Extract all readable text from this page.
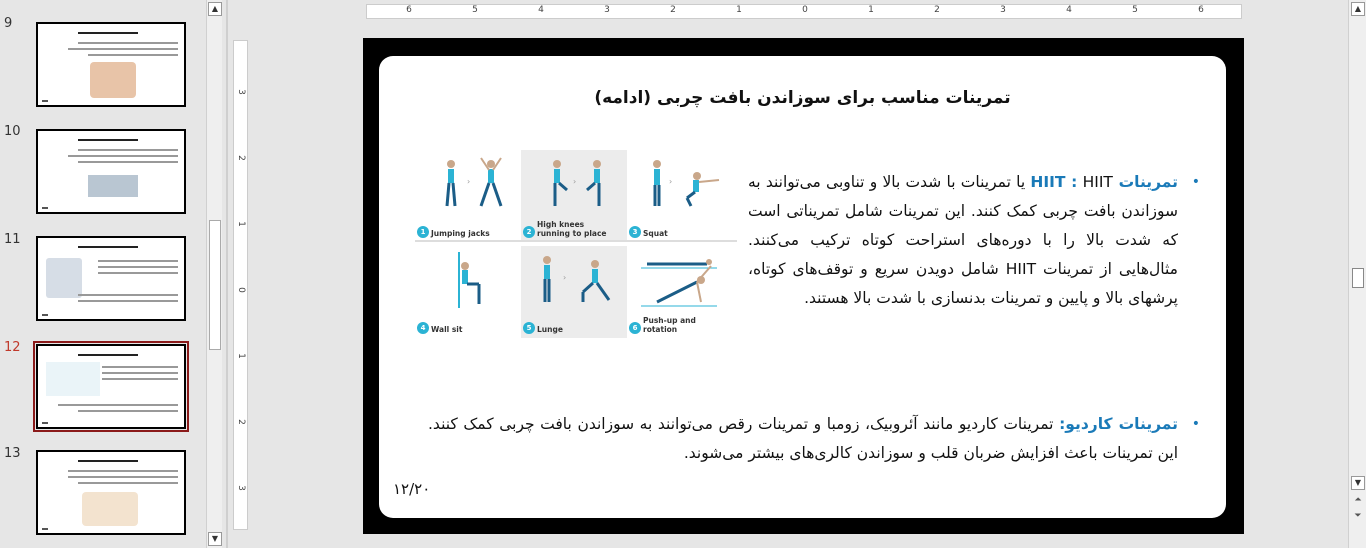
9
10
11
12
13
▲
▼
6	5	4	3	2	1	0	1	2	3	4	5	6
3
2
1
0
1
2
3
تمرینات مناسب برای سوزاندن بافت چربی (ادامه)
›
1 Jumping jacks
›
2
High knees
running to place
›
3 Squat
4 Wall sit
›
5 Lunge	6
Push-up and
rotation
•
تمرینات HIIT : HIIT یا تمرینات با شدت بالا و تناوبی می‌توانند به سوزاندن بافت چربی کمک کنند. این تمرینات شامل تمریناتی است که شدت بالا را با دوره‌های استراحت کوتاه ترکیب می‌کنند. مثال‌هایی از تمرینات HIIT شامل دویدن سریع و توقف‌های کوتاه، پرشهای بالا و پایین و تمرینات بدنسازی با شدت بالا هستند.
•
تمرینات کاردیو: تمرینات کاردیو مانند آئروبیک، زومبا و تمرینات رقص می‌توانند به سوزاندن بافت چربی کمک کنند. این تمرینات باعث افزایش ضربان قلب و سوزاندن کالری‌های بیشتر می‌شوند.
۱۲/۲۰
▲
▼
⏶
⏷
